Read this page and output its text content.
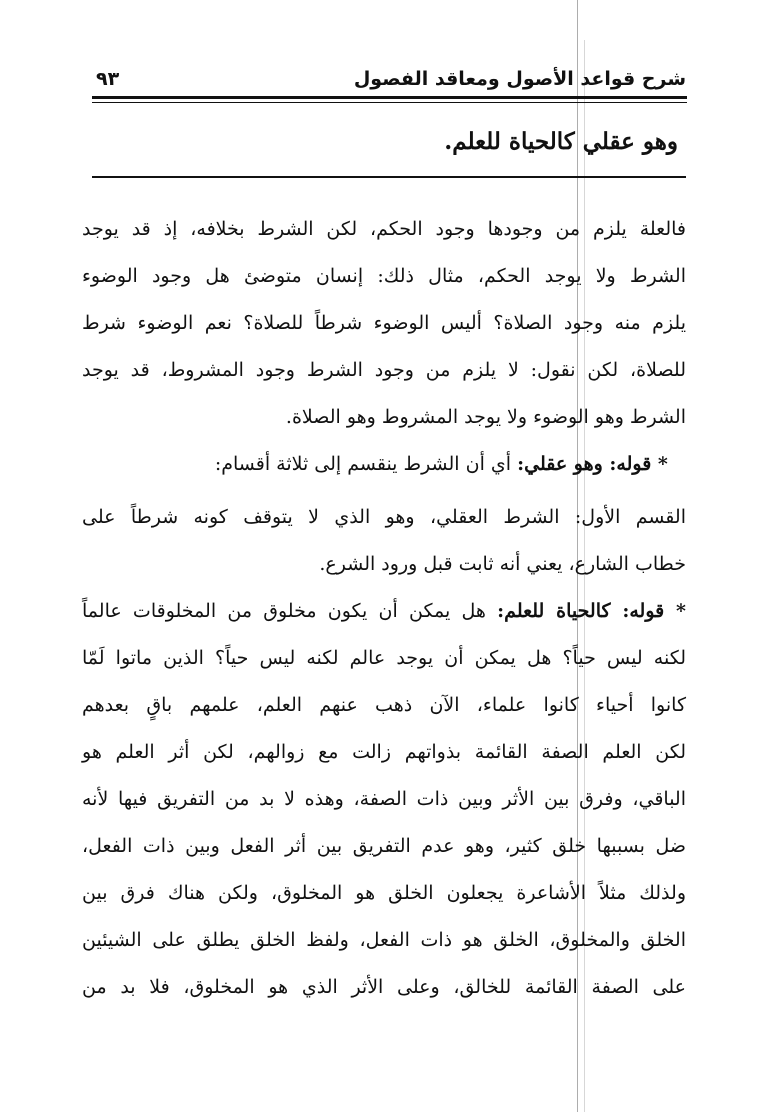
شرح قواعد الأصول ومعاقد الفصول
٩٣
وهو عقلي كالحياة للعلم.
فالعلة يلزم من وجودها وجود الحكم، لكن الشرط بخلافه، إذ قد يوجد
الشرط ولا يوجد الحكم، مثال ذلك: إنسان متوضئ هل وجود الوضوء
يلزم منه وجود الصلاة؟ أليس الوضوء شرطاً للصلاة؟ نعم الوضوء شرط
للصلاة، لكن نقول: لا يلزم من وجود الشرط وجود المشروط، قد يوجد
الشرط وهو الوضوء ولا يوجد المشروط وهو الصلاة.
* قوله: وهو عقلي: أي أن الشرط ينقسم إلى ثلاثة أقسام:
القسم الأول: الشرط العقلي، وهو الذي لا يتوقف كونه شرطاً على
خطاب الشارع، يعني أنه ثابت قبل ورود الشرع.
* قوله: كالحياة للعلم: هل يمكن أن يكون مخلوق من المخلوقات عالماً
لكنه ليس حياً؟ هل يمكن أن يوجد عالم لكنه ليس حياً؟ الذين ماتوا لَمّا
كانوا أحياء كانوا علماء، الآن ذهب عنهم العلم، علمهم باقٍ بعدهم
لكن العلم الصفة القائمة بذواتهم زالت مع زوالهم، لكن أثر العلم هو
الباقي، وفرق بين الأثر وبين ذات الصفة، وهذه لا بد من التفريق فيها لأنه
ضل بسببها خلق كثير، وهو عدم التفريق بين أثر الفعل وبين ذات الفعل،
ولذلك مثلاً الأشاعرة يجعلون الخلق هو المخلوق، ولكن هناك فرق بين
الخلق والمخلوق، الخلق هو ذات الفعل، ولفظ الخلق يطلق على الشيئين
على الصفة القائمة للخالق، وعلى الأثر الذي هو المخلوق، فلا بد من
